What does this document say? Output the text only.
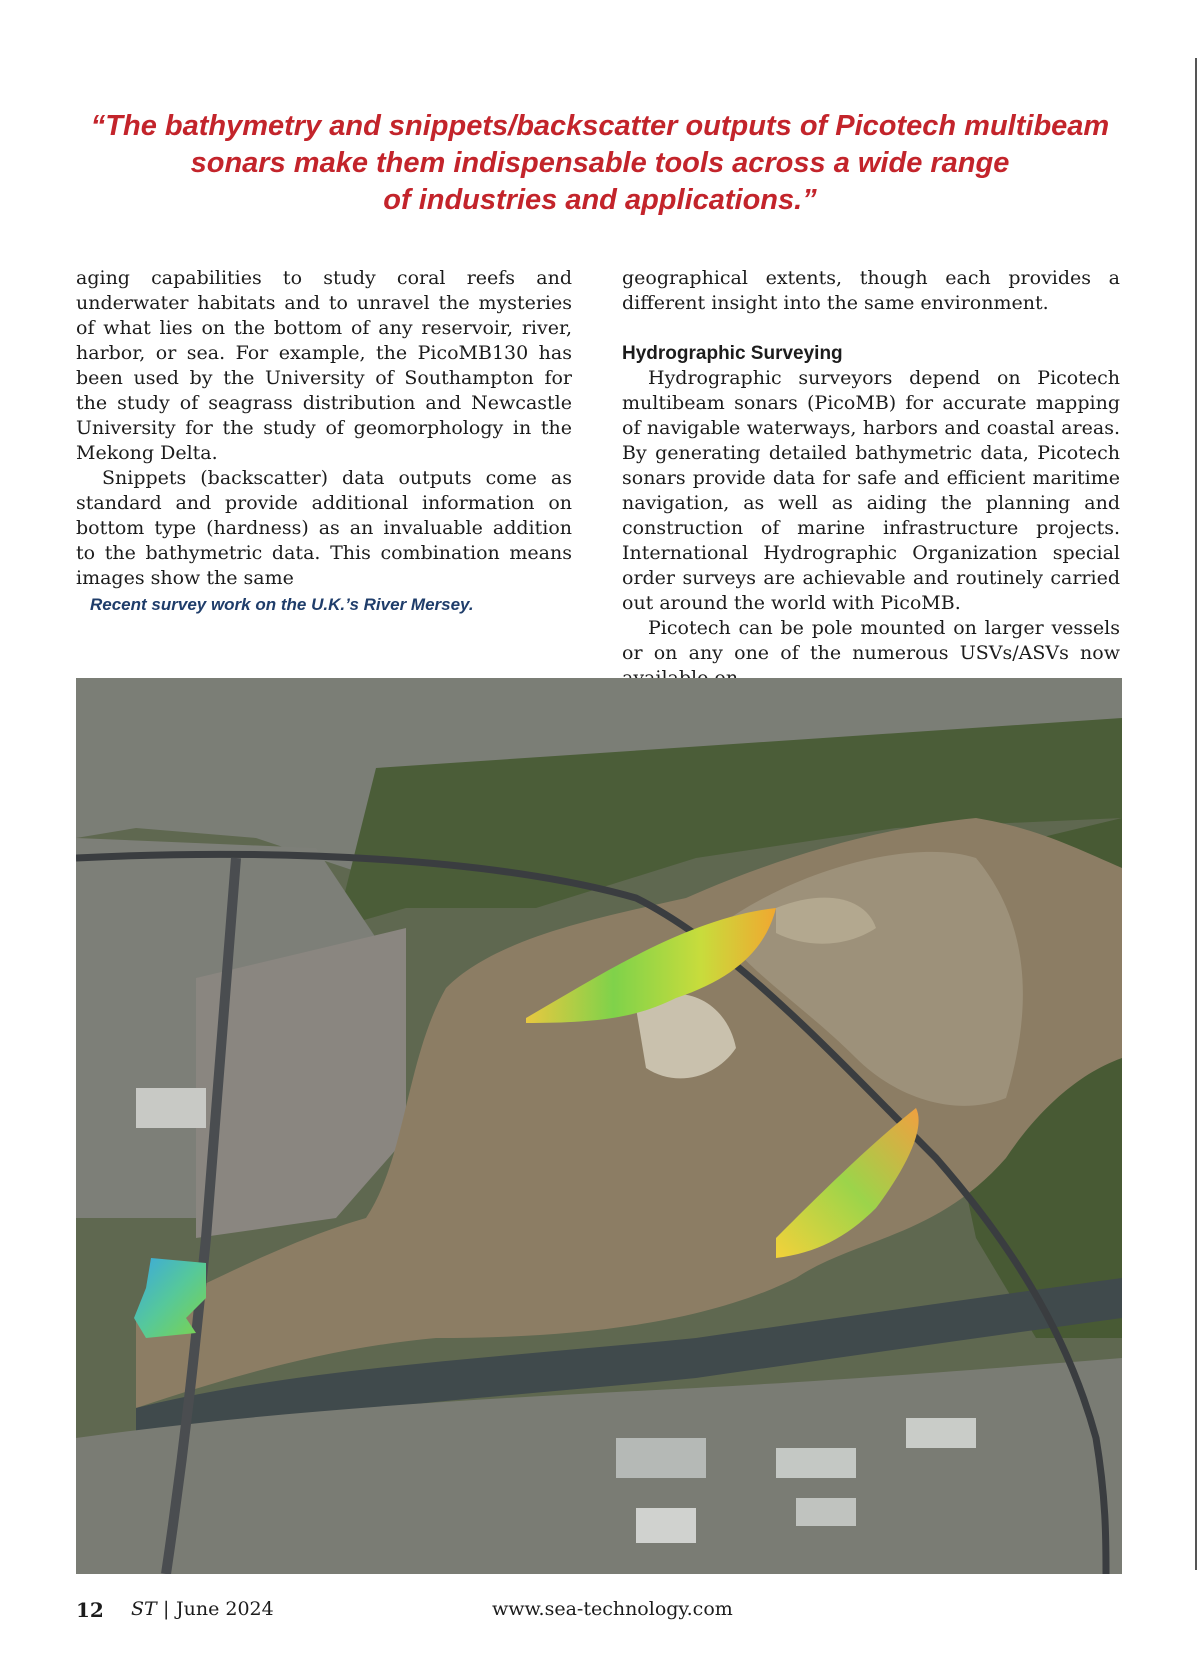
“The bathymetry and snippets/backscatter outputs of Picotech multibeam
sonars make them indispensable tools across a wide range
of industries and applications.”

aging capabilities to study coral reefs and underwater habitats and to unravel the mysteries of what lies on the bottom of any reservoir, river, harbor, or sea. For example, the PicoMB130 has been used by the University of Southampton for the study of seagrass distribution and Newcastle University for the study of geomorphology in the Mekong Delta.

Snippets (backscatter) data outputs come as standard and provide additional information on bottom type (hardness) as an invaluable addition to the bathymetric data. This combination means images show the same

Recent survey work on the U.K.’s River Mersey.

geographical extents, though each provides a different insight into the same environment.

Hydrographic Surveying

Hydrographic surveyors depend on Picotech multibeam sonars (PicoMB) for accurate mapping of navigable waterways, harbors and coastal areas. By generating detailed bathymetric data, Picotech sonars provide data for safe and efficient maritime navigation, as well as aiding the planning and construction of marine infrastructure projects. International Hydrographic Organization special order surveys are achievable and routinely carried out around the world with PicoMB.

Picotech can be pole mounted on larger vessels or on any one of the numerous USVs/ASVs now

12 ST | June 2024	www.sea-technology.com
